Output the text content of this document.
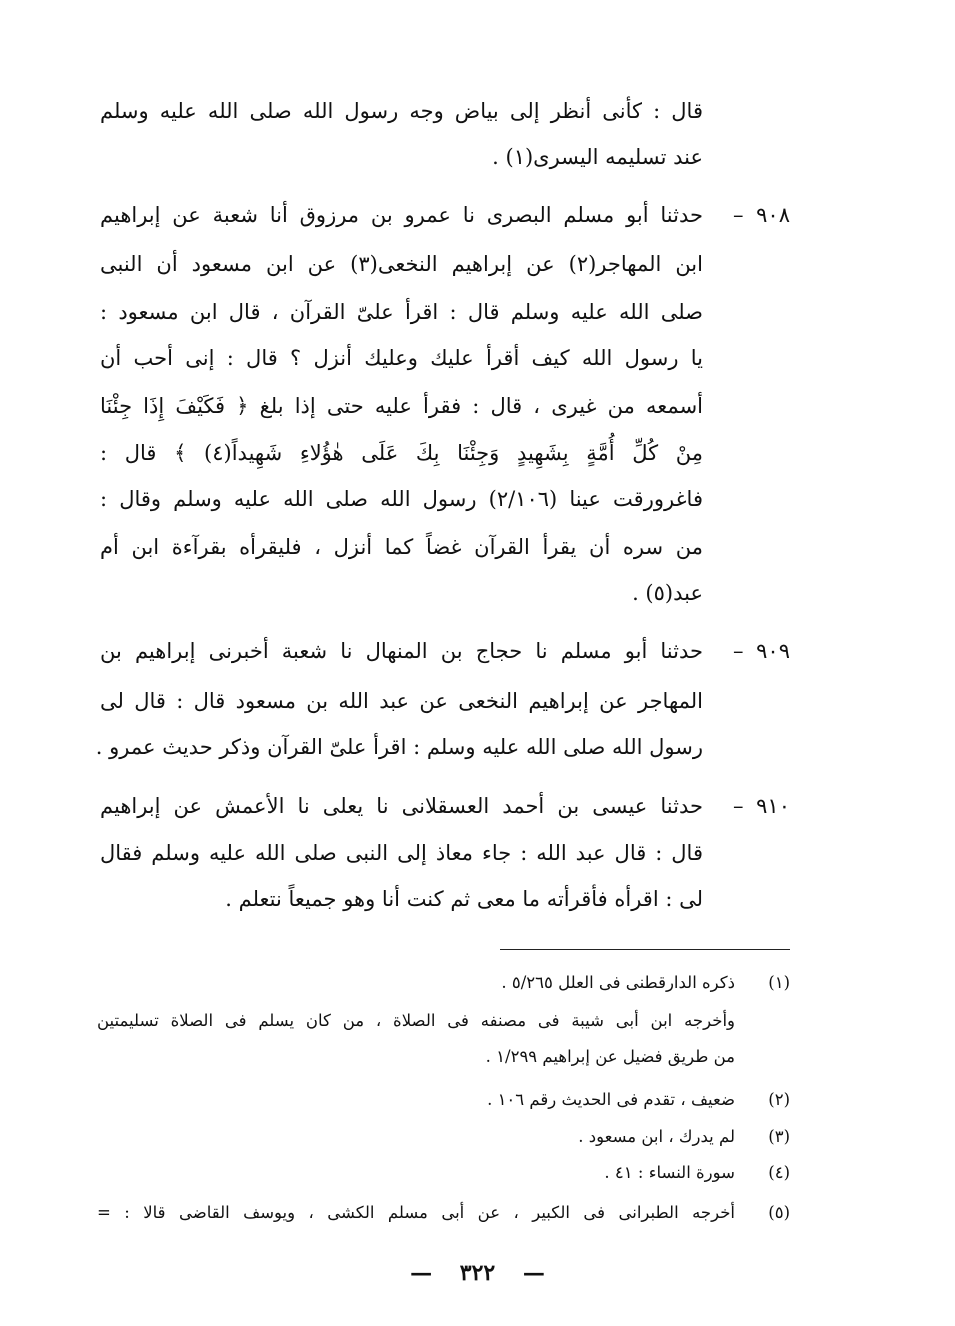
قال : كأنى أنظر إلى بياض وجه رسول الله صلى الله عليه وسلم
عند تسليمه اليسرى(١) .
٩٠٨ –
حدثنا أبو مسلم البصرى نا عمرو بن مرزوق أنا شعبة عن إبراهيم
ابن المهاجر(٢) عن إبراهيم النخعى(٣) عن ابن مسعود أن النبى
صلى الله عليه وسلم قال : اقرأ علىّ القرآن ، قال ابن مسعود :
يا رسول الله كيف أقرأ عليك وعليك أنزل ؟ قال : إنى أحب أن
أسمعه من غيرى ، قال : فقرأ عليه حتى إذا بلغ ﴿ فَكَيْفَ إِذَا جِئْنَا
مِنْ كُلِّ أُمَّةٍ بِشَهِيدٍ وَجِئْنَا بِكَ عَلَى هٰؤُلاءِ شَهِيداً(٤) ﴾ قال :
فاغرورقت عينا (٢/١٠٦) رسول الله صلى الله عليه وسلم وقال :
من سره أن يقرأ القرآن غضاً كما أنزل ، فليقرأه بقرآءة ابن أم
عبد(٥) .
٩٠٩ –
حدثنا أبو مسلم نا حجاج بن المنهال نا شعبة أخبرنى إبراهيم بن
المهاجر عن إبراهيم النخعى عن عبد الله بن مسعود قال : قال لى
رسول الله صلى الله عليه وسلم : اقرأ علىّ القرآن وذكر حديث عمرو .
٩١٠ –
حدثنا عيسى بن أحمد العسقلانى نا يعلى نا الأعمش عن إبراهيم
قال : قال عبد الله : جاء معاذ إلى النبى صلى الله عليه وسلم فقال
لى : اقرأه فأقرأته ما معى ثم كنت أنا وهو جميعاً نتعلم .
(١)
ذكره الدارقطنى فى العلل ٥/٢٦٥ .
وأخرجه ابن أبى شيبة فى مصنفه فى الصلاة ، من كان يسلم فى الصلاة تسليمتين
من طريق فضيل عن إبراهيم ١/٢٩٩ .
(٢)
ضعيف ، تقدم فى الحديث رقم ١٠٦ .
(٣)
لم يدرك ، ابن مسعود .
(٤)
سورة النساء : ٤١ .
(٥)
أخرجه الطبرانى فى الكبير ، عن أبى مسلم الكشى ، ويوسف القاضى قالا : =
— ٣٢٢ —
